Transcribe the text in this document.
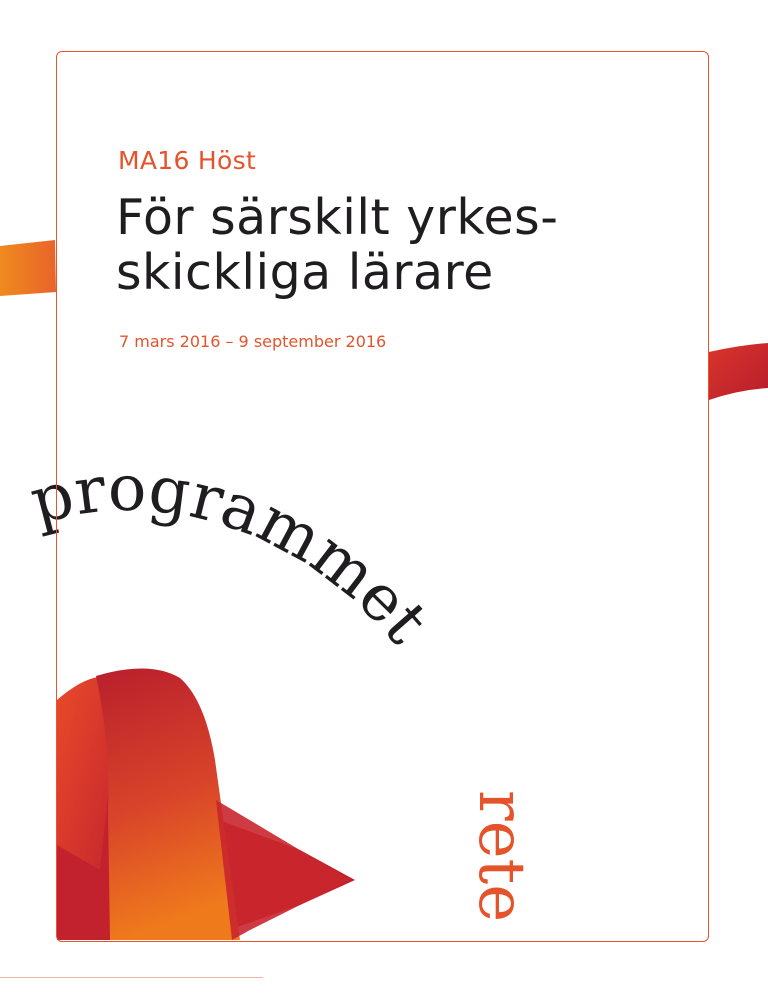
programmet
rete
MA16 Höst
För särskilt yrkes-
skickliga lärare

7 mars 2016 – 9 september 2016
